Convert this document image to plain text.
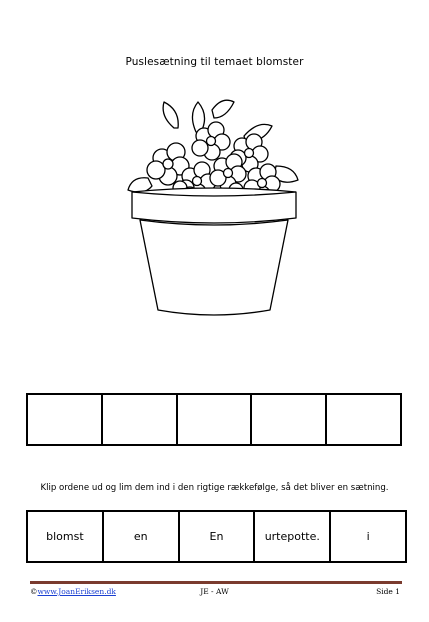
Puslesætning til temaet blomster

Klip ordene ud og lim dem ind i den rigtige rækkefølge, så det bliver en sætning.
blomst	en	En	urtepotte.	i
©www.JoanEriksen.dk	JE - AW	Side 1
